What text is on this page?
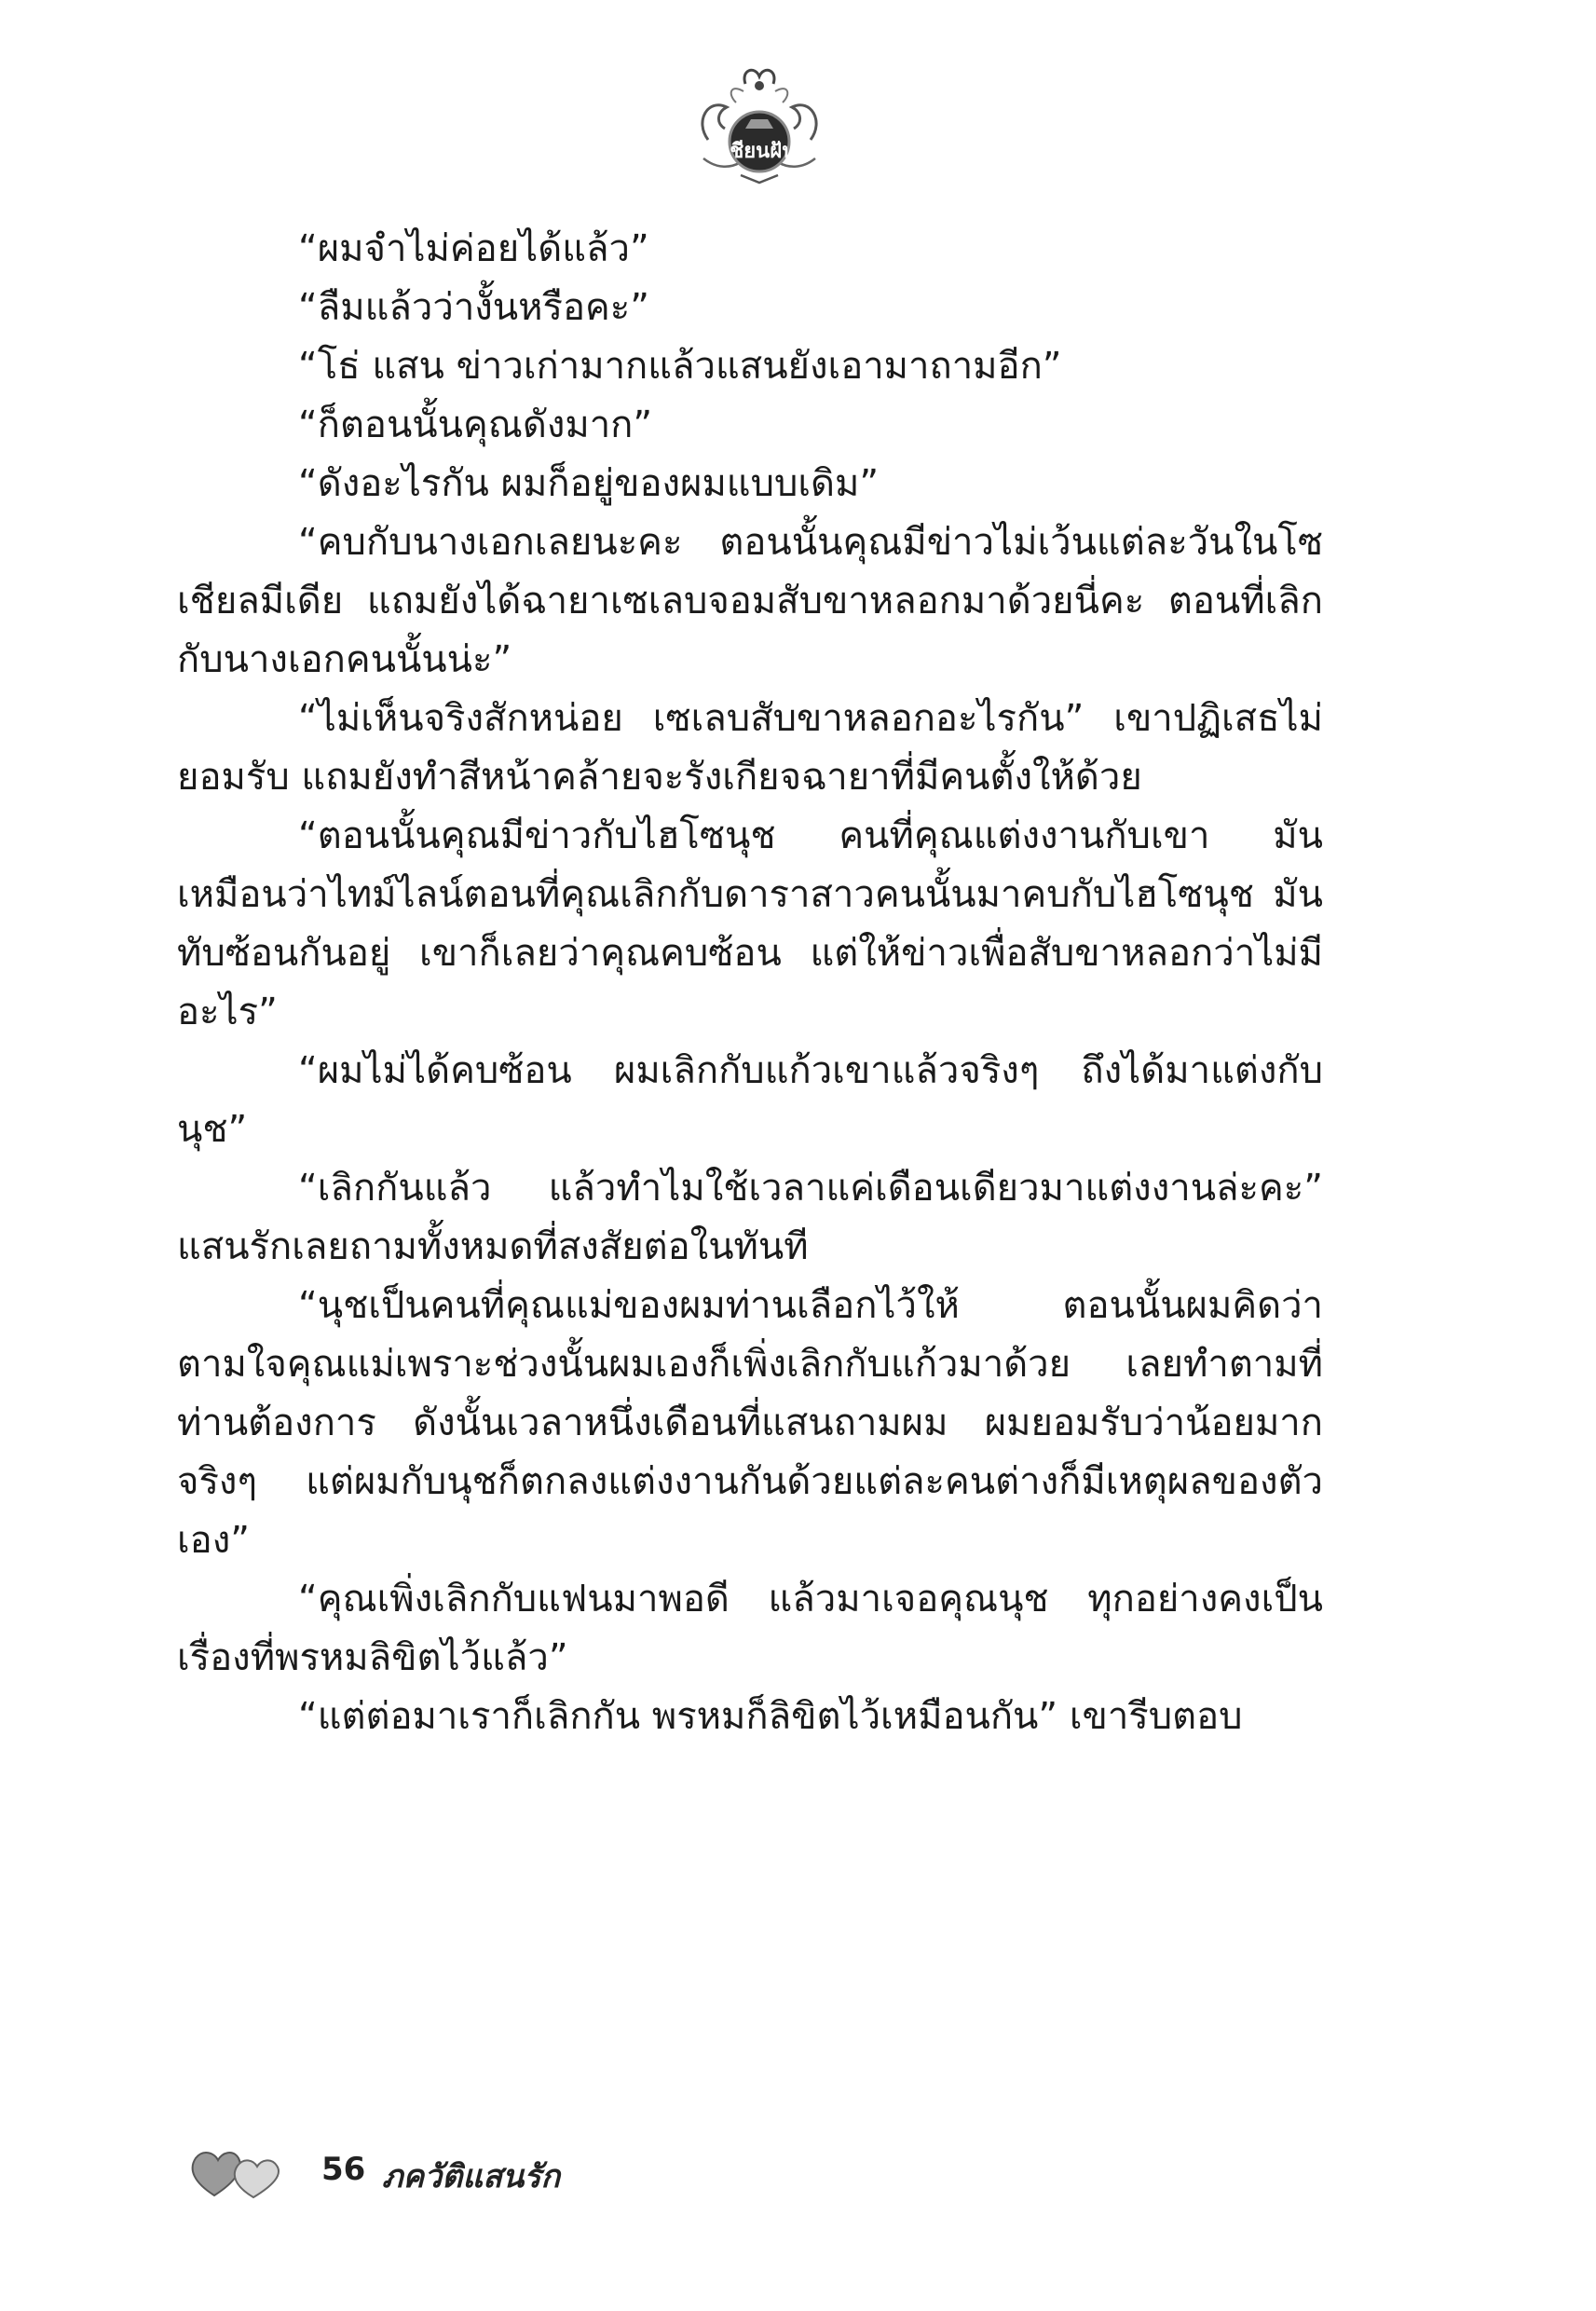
เชียนฝัน

“ผมจำไม่ค่อยได้แล้ว”

“ลืมแล้วว่างั้นหรือคะ”

“โธ่ แสน ข่าวเก่ามากแล้วแสนยังเอามาถามอีก”

“ก็ตอนนั้นคุณดังมาก”

“ดังอะไรกัน ผมก็อยู่ของผมแบบเดิม”

“คบกับนางเอกเลยนะคะ ตอนนั้นคุณมีข่าวไม่เว้นแต่ละวันในโซเชียลมีเดีย แถมยังได้ฉายาเซเลบจอมสับขาหลอกมาด้วยนี่คะ ตอนที่เลิกกับนางเอกคนนั้นน่ะ”

“ไม่เห็นจริงสักหน่อย เซเลบสับขาหลอกอะไรกัน” เขาปฏิเสธไม่ยอมรับ แถมยังทำสีหน้าคล้ายจะรังเกียจฉายาที่มีคนตั้งให้ด้วย

“ตอนนั้นคุณมีข่าวกับไฮโซนุช คนที่คุณแต่งงานกับเขา มันเหมือนว่าไทม์ไลน์ตอนที่คุณเลิกกับดาราสาวคนนั้นมาคบกับไฮโซนุช มันทับซ้อนกันอยู่ เขาก็เลยว่าคุณคบซ้อน แต่ให้ข่าวเพื่อสับขาหลอกว่าไม่มีอะไร”

“ผมไม่ได้คบซ้อน ผมเลิกกับแก้วเขาแล้วจริงๆ ถึงได้มาแต่งกับนุช”

“เลิกกันแล้ว แล้วทำไมใช้เวลาแค่เดือนเดียวมาแต่งงานล่ะคะ” แสนรักเลยถามทั้งหมดที่สงสัยต่อในทันที

“นุชเป็นคนที่คุณแม่ของผมท่านเลือกไว้ให้ ตอนนั้นผมคิดว่าตามใจคุณแม่เพราะช่วงนั้นผมเองก็เพิ่งเลิกกับแก้วมาด้วย เลยทำตามที่ท่านต้องการ ดังนั้นเวลาหนึ่งเดือนที่แสนถามผม ผมยอมรับว่าน้อยมากจริงๆ แต่ผมกับนุชก็ตกลงแต่งงานกันด้วยแต่ละคนต่างก็มีเหตุผลของตัวเอง”

“คุณเพิ่งเลิกกับแฟนมาพอดี แล้วมาเจอคุณนุช ทุกอย่างคงเป็นเรื่องที่พรหมลิขิตไว้แล้ว”

“แต่ต่อมาเราก็เลิกกัน พรหมก็ลิขิตไว้เหมือนกัน” เขารีบตอบ

56 ภควัติแสนรัก
